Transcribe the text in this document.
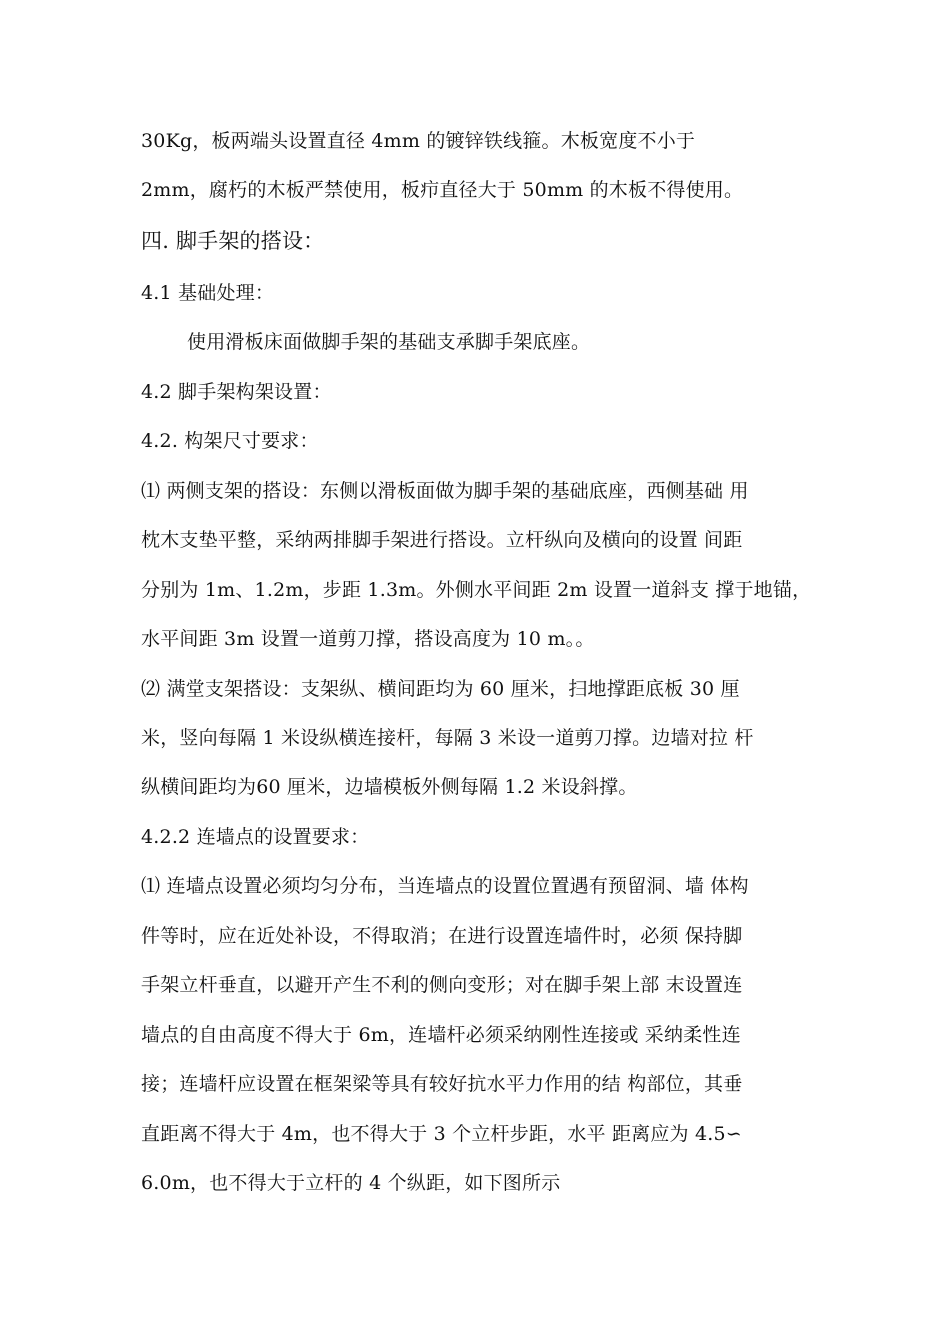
30Kg，板两端头设置直径 4mm 的镀锌铁线箍。木板宽度不小于
2mm，腐朽的木板严禁使用，板疖直径大于 50mm 的木板不得使用。
四. 脚手架的搭设：
4.1 基础处理：
使用滑板床面做脚手架的基础支承脚手架底座。
4.2 脚手架构架设置：
4.2. 构架尺寸要求：
⑴ 两侧支架的搭设：东侧以滑板面做为脚手架的基础底座，西侧基础 用
枕木支垫平整，采纳两排脚手架进行搭设。立杆纵向及横向的设置 间距
分别为 1m、1.2m，步距 1.3m。外侧水平间距 2m 设置一道斜支 撑于地锚，
水平间距 3m 设置一道剪刀撑，搭设高度为 10 m。。
⑵ 满堂支架搭设：支架纵、横间距均为 60 厘米，扫地撑距底板 30 厘
米，竖向每隔 1 米设纵横连接杆，每隔 3 米设一道剪刀撑。边墙对拉 杆
纵横间距均为60 厘米，边墙模板外侧每隔 1.2 米设斜撑。
4.2.2 连墙点的设置要求：
⑴ 连墙点设置必须均匀分布，当连墙点的设置位置遇有预留洞、墙 体构
件等时，应在近处补设，不得取消；在进行设置连墙件时，必须 保持脚
手架立杆垂直，以避开产生不利的侧向变形；对在脚手架上部 末设置连
墙点的自由高度不得大于 6m，连墙杆必须采纳刚性连接或 采纳柔性连
接；连墙杆应设置在框架梁等具有较好抗水平力作用的结 构部位，其垂
直距离不得大于 4m，也不得大于 3 个立杆步距，水平 距离应为 4.5∽
6.0m，也不得大于立杆的 4 个纵距，如下图所示
